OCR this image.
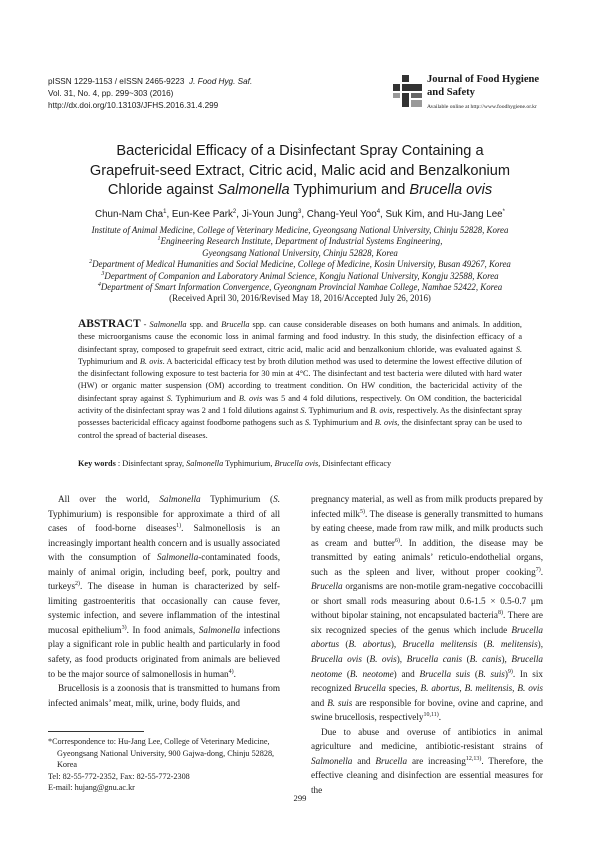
pISSN 1229-1153 / eISSN 2465-9223 J. Food Hyg. Saf.
Vol. 31, No. 4, pp. 299~303 (2016)
http://dx.doi.org/10.13103/JFHS.2016.31.4.299
Journal of Food Hygiene
and Safety
Available online at http://www.foodhygiene.or.kr
Bactericidal Efficacy of a Disinfectant Spray Containing a
Grapefruit-seed Extract, Citric acid, Malic acid and Benzalkonium
Chloride against Salmonella Typhimurium and Brucella ovis
Chun-Nam Cha$^1$, Eun-Kee Park$^2$, Ji-Youn Jung$^3$, Chang-Yeul Yoo$^4$, Suk Kim, and Hu-Jang Lee*
Institute of Animal Medicine, College of Veterinary Medicine, Gyeongsang National University, Chinju 52828, Korea
$^1$Engineering Research Institute, Department of Industrial Systems Engineering,
Gyeongsang National University, Chinju 52828, Korea
$^2$Department of Medical Humanities and Social Medicine, College of Medicine, Kosin University, Busan 49267, Korea
$^3$Department of Companion and Laboratory Animal Science, Kongju National University, Kongju 32588, Korea
$^4$Department of Smart Information Convergence, Gyeongnam Provincial Namhae College, Namhae 52422, Korea
(Received April 30, 2016/Revised May 18, 2016/Accepted July 26, 2016)
ABSTRACT - Salmonella spp. and Brucella spp. can cause considerable diseases on both humans and animals. In addition, these microorganisms cause the economic loss in animal farming and food industry. In this study, the disinfection efficacy of a disinfectant spray, composed to grapefruit seed extract, citric acid, malic acid and benzalkonium chloride, was evaluated against S. Typhimurium and B. ovis. A bactericidal efficacy test by broth dilution method was used to determine the lowest effective dilution of the disinfectant following exposure to test bacteria for 30 min at 4°C. The disinfectant and test bacteria were diluted with hard water (HW) or organic matter suspension (OM) according to treatment condition. On HW condition, the bactericidal activity of the disinfectant spray against S. Typhimurium and B. ovis was 5 and 4 fold dilutions, respectively. On OM condition, the bactericidal activity of the disinfectant spray was 2 and 1 fold dilutions against S. Typhimurium and B. ovis, respectively. As the disinfectant spray possesses bactericidal efficacy against foodborne pathogens such as S. Typhimurium and B. ovis, the disinfectant spray can be used to control the spread of bacterial diseases.
Key words : Disinfectant spray, Salmonella Typhimurium, Brucella ovis, Disinfectant efficacy

All over the world, Salmonella Typhimurium (S. Typhimurium) is responsible for approximate a third of all cases of food-borne diseases$^{1)}$. Salmonellosis is an increasingly important health concern and is usually associated with the consumption of Salmonella-contaminated foods, mainly of animal origin, including beef, pork, poultry and turkeys$^{2)}$. The disease in human is characterized by self-limiting gastroenteritis that occasionally can cause fever, systemic infection, and severe inflammation of the intestinal mucosal epithelium$^{3)}$. In food animals, Salmonella infections play a significant role in public health and particularly in food safety, as food products originated from animals are believed to be the major source of salmonellosis in human$^{4)}$.

Brucellosis is a zoonosis that is transmitted to humans from infected animals’ meat, milk, urine, body fluids, and

pregnancy material, as well as from milk products prepared by infected milk$^{5)}$. The disease is generally transmitted to humans by eating cheese, made from raw milk, and milk products such as cream and butter$^{6)}$. In addition, the disease may be transmitted by eating animals’ reticulo-endothelial organs, such as the spleen and liver, without proper cooking$^{7)}$. Brucella organisms are non-motile gram-negative coccobacilli or short small rods measuring about 0.6-1.5 × 0.5-0.7 μm without bipolar staining, not encapsulated bacteria$^{8)}$. There are six recognized species of the genus which include Brucella abortus (B. abortus), Brucella melitensis (B. melitensis), Brucella ovis (B. ovis), Brucella canis (B. canis), Brucella neotome (B. neotome) and Brucella suis (B. suis)$^{9)}$. In six recognized Brucella species, B. abortus, B. melitensis, B. ovis and B. suis are responsible for bovine, ovine and caprine, and swine brucellosis, respectively$^{10,11)}$.

Due to abuse and overuse of antibiotics in animal agriculture and medicine, antibiotic-resistant strains of Salmonella and Brucella are increasing$^{12,13)}$. Therefore, the effective cleaning and disinfection are essential measures for the

*Correspondence to: Hu-Jang Lee, College of Veterinary Medicine,
Gyeongsang National University, 900 Gajwa-dong, Chinju 52828,
Korea
Tel: 82-55-772-2352, Fax: 82-55-772-2308
E-mail: hujang@gnu.ac.kr
299
